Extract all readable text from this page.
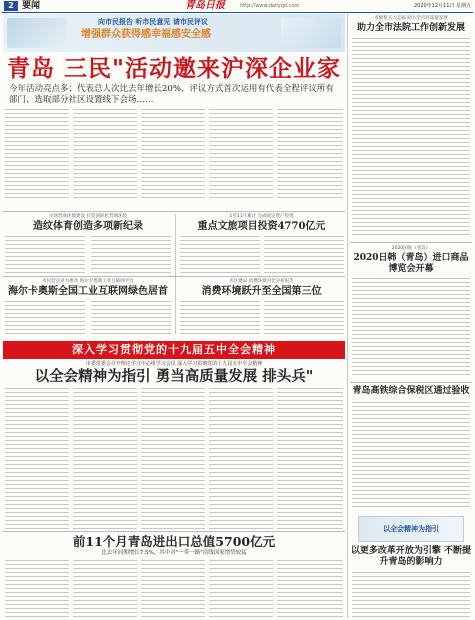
2 要闻	青岛日报	http://www.dailyqd.com	2020年12月11日 星期五
向市民报告 听市民意见 请市民评议
增强群众获得感幸福感安全感
青岛 三民"活动邀来沪深企业家
今年活动亮点多：代表总人次比去年增长20%、评议方式首次运用有代表全程评议所有部门、选取部分社区设置线下会场……
市场营商环境建设 打造国际化营商环境
造纹体育创造多项新纪录
1至11月累计 完成固定资产投资
重点文旅项目投资4770亿元
市民营企业力推动 海尔卡奥斯工业互联网平台
海尔卡奥斯全国工业互联网绿色居首
市住建局 消费环境对比分析报告
消费环境跃升至全国第三位
深入学习贯彻党的十九届五中全会精神
市委常委会召开理论学习中心组学习会议 深入学习贯彻党的十九届五中全会精神
以全会精神为指引 勇当高质量发展 排头兵"
前11个月青岛进出口总值5700亿元
比去年同期增长7.5%，其中对"一带一路"沿线国家增势较猛
市级机关大走廊 助力全市高质量发展
助力全市法院工作创新发展
2020国际（青岛）
2020日韩（青岛）进口商品博览会开幕
青岛高铁综合保税区通过验收
以全会精神为指引
以更多改革开放为引擎 不断提升青岛的影响力
